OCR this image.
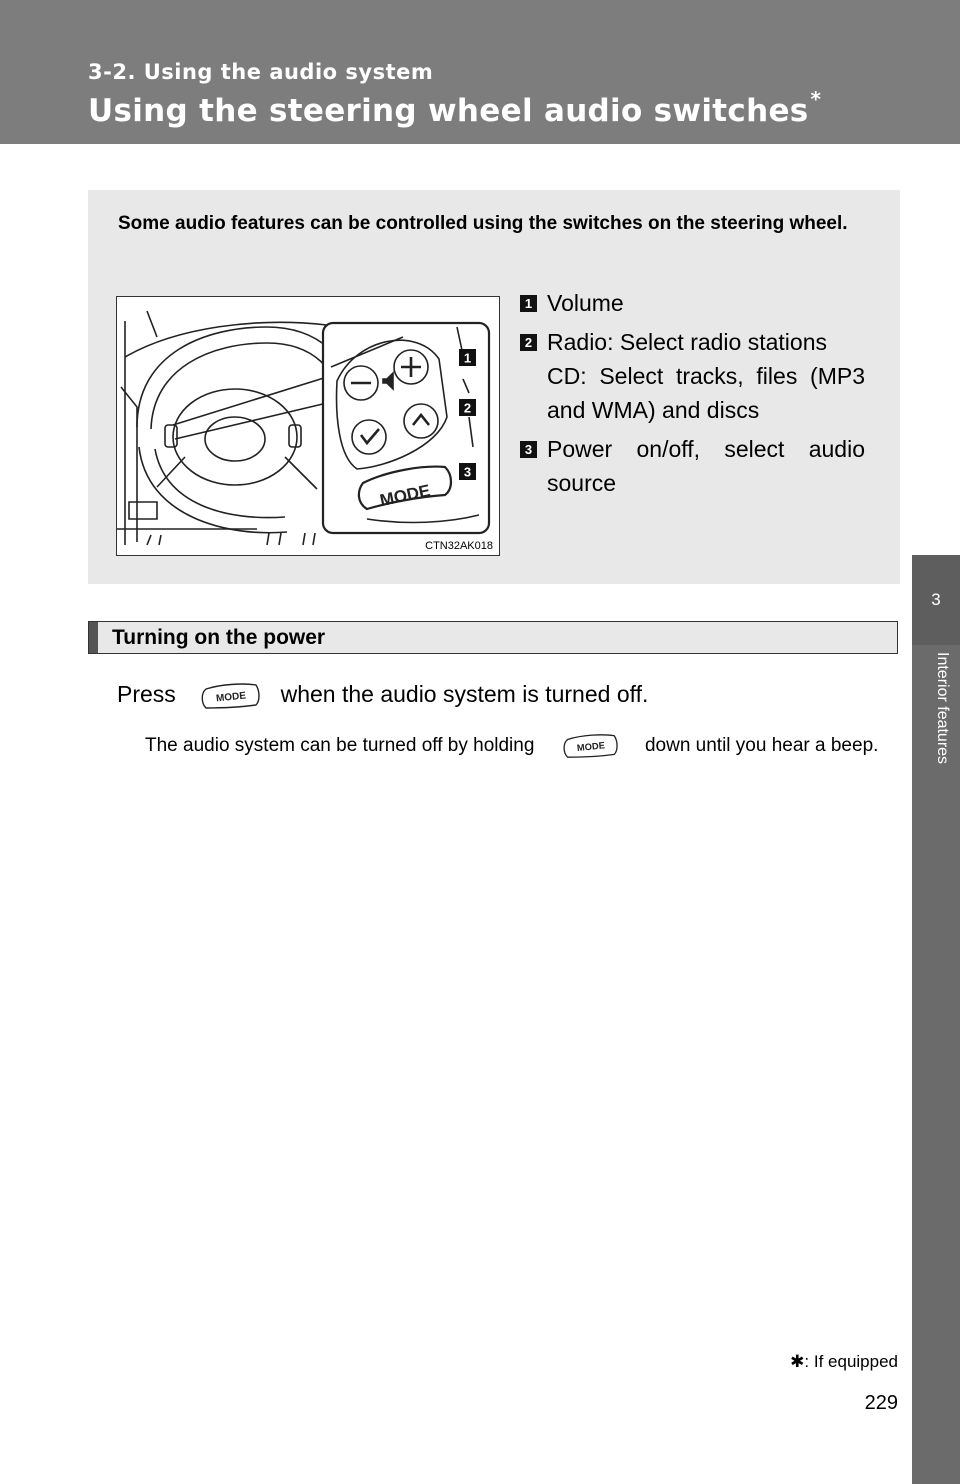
3-2. Using the audio system
Using the steering wheel audio switches *
3
Interior features
Some audio features can be controlled using the switches on the steering wheel.
MODE
1
2
3
CTN32AK018
1 Volume
2 Radio: Select radio stations
CD: Select tracks, files (MP3 and WMA) and discs
3 Power on/off, select audio source
Turning on the power
Press	MODE when the audio system is turned off.
The audio system can be turned off by holding	MODE down until you hear a beep.
✱: If equipped
229
